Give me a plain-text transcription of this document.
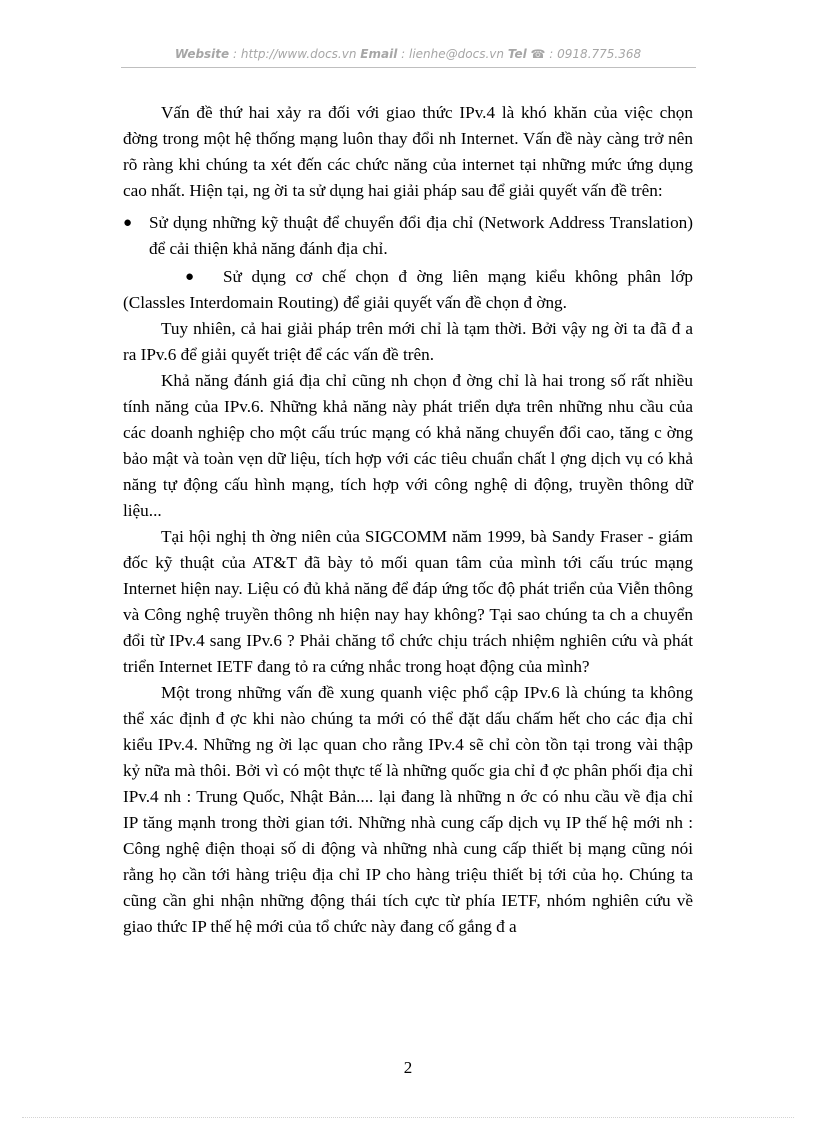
Website : http://www.docs.vn Email : lienhe@docs.vn Tel ☎ : 0918.775.368

Vấn đề thứ hai xảy ra đối với giao thức IPv.4 là khó khăn của việc chọn đờng trong một hệ thống mạng luôn thay đổi nh Internet. Vấn đề này càng trở nên rõ ràng khi chúng ta xét đến các chức năng của internet tại những mức ứng dụng cao nhất. Hiện tại, ng ời ta sử dụng hai giải pháp sau để giải quyết vấn đề trên:

● Sử dụng những kỹ thuật để chuyển đổi địa chỉ (Network Address Translation) để cải thiện khả năng đánh địa chỉ.
● Sử dụng cơ chế chọn đ ờng liên mạng kiểu không phân lớp (Classles Interdomain Routing) để giải quyết vấn đề chọn đ ờng.

Tuy nhiên, cả hai giải pháp trên mới chỉ là tạm thời. Bởi vậy ng ời ta đã đ a ra IPv.6 để giải quyết triệt để các vấn đề trên.

Khả năng đánh giá địa chỉ cũng nh chọn đ ờng chỉ là hai trong số rất nhiều tính năng của IPv.6. Những khả năng này phát triển dựa trên những nhu cầu của các doanh nghiệp cho một cấu trúc mạng có khả năng chuyển đổi cao, tăng c ờng bảo mật và toàn vẹn dữ liệu, tích hợp với các tiêu chuẩn chất l ợng dịch vụ có khả năng tự động cấu hình mạng, tích hợp với công nghệ di động, truyền thông dữ liệu...

Tại hội nghị th ờng niên của SIGCOMM năm 1999, bà Sandy Fraser - giám đốc kỹ thuật của AT&T đã bày tỏ mối quan tâm của mình tới cấu trúc mạng Internet hiện nay. Liệu có đủ khả năng để đáp ứng tốc độ phát triển của Viễn thông và Công nghệ truyền thông nh hiện nay hay không? Tại sao chúng ta ch a chuyển đổi từ IPv.4 sang IPv.6 ? Phải chăng tổ chức chịu trách nhiệm nghiên cứu và phát triển Internet IETF đang tỏ ra cứng nhắc trong hoạt động của mình?

Một trong những vấn đề xung quanh việc phổ cập IPv.6 là chúng ta không thể xác định đ ợc khi nào chúng ta mới có thể đặt dấu chấm hết cho các địa chỉ kiểu IPv.4. Những ng ời lạc quan cho rằng IPv.4 sẽ chỉ còn tồn tại trong vài thập kỷ nữa mà thôi. Bởi vì có một thực tế là những quốc gia chỉ đ ợc phân phối địa chỉ IPv.4 nh : Trung Quốc, Nhật Bản.... lại đang là những n ớc có nhu cầu về địa chỉ IP tăng mạnh trong thời gian tới. Những nhà cung cấp dịch vụ IP thế hệ mới nh : Công nghệ điện thoại số di động và những nhà cung cấp thiết bị mạng cũng nói rằng họ cần tới hàng triệu địa chỉ IP cho hàng triệu thiết bị tới của họ. Chúng ta cũng cần ghi nhận những động thái tích cực từ phía IETF, nhóm nghiên cứu về giao thức IP thế hệ mới của tổ chức này đang cố gắng đ a

2
